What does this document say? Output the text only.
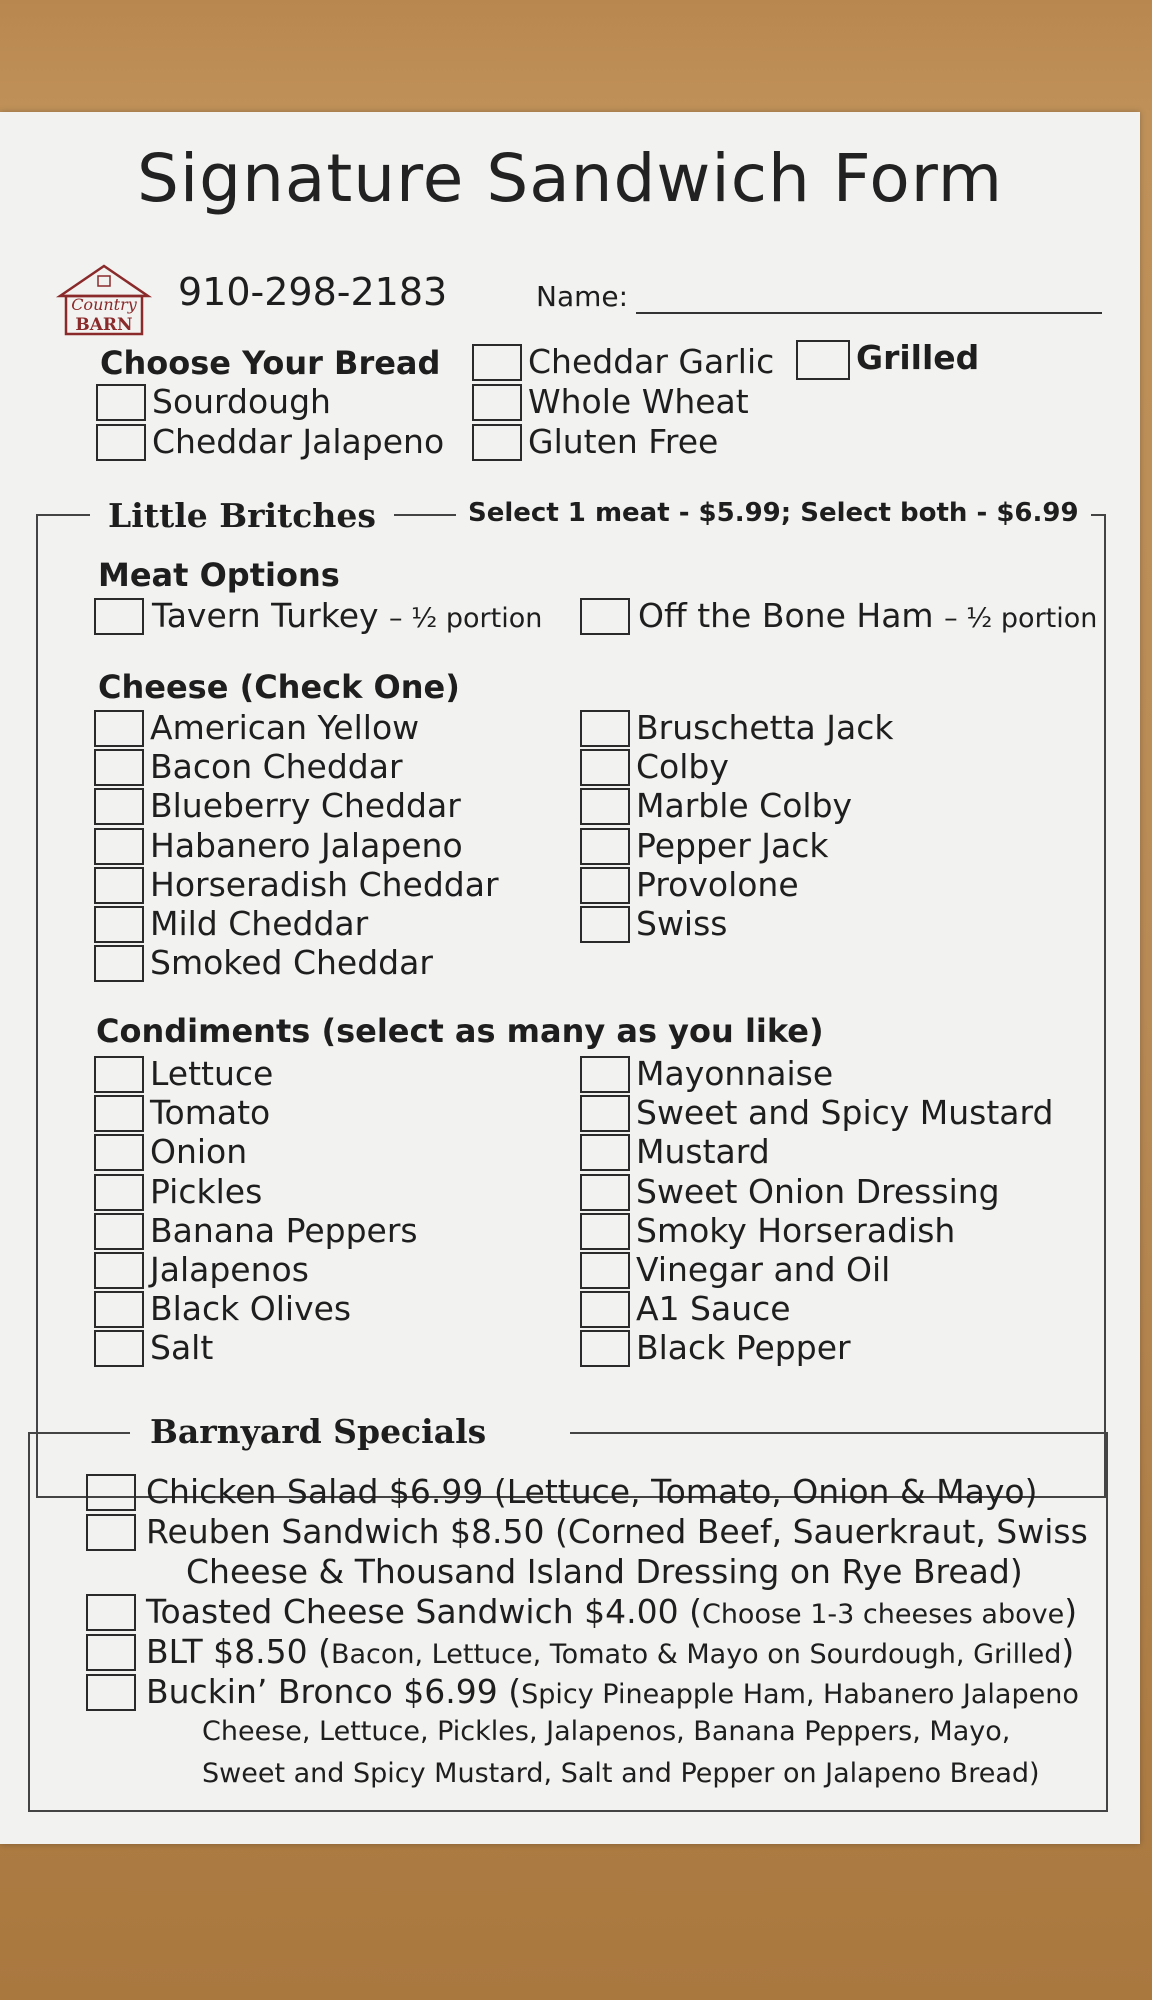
Signature Sandwich Form
Country
BARN
910-298-2183	Name:
Choose Your Bread
Sourdough
Cheddar Jalapeno
Cheddar Garlic
Whole Wheat
Gluten Free
Grilled
Little Britches	Select 1 meat - $5.99; Select both - $6.99
Meat Options
Tavern Turkey – ½ portion	Off the Bone Ham – ½ portion
Cheese (Check One)
American Yellow
Bacon Cheddar
Blueberry Cheddar
Habanero Jalapeno
Horseradish Cheddar
Mild Cheddar
Smoked Cheddar
Bruschetta Jack
Colby
Marble Colby
Pepper Jack
Provolone
Swiss
Condiments (select as many as you like)
Lettuce
Tomato
Onion
Pickles
Banana Peppers
Jalapenos
Black Olives
Salt
Mayonnaise
Sweet and Spicy Mustard
Mustard
Sweet Onion Dressing
Smoky Horseradish
Vinegar and Oil
A1 Sauce
Black Pepper
Barnyard Specials
Chicken Salad $6.99 (Lettuce, Tomato, Onion & Mayo)
Reuben Sandwich $8.50 (Corned Beef, Sauerkraut, Swiss
Cheese & Thousand Island Dressing on Rye Bread)
Toasted Cheese Sandwich $4.00 (Choose 1-3 cheeses above)
BLT $8.50 (Bacon, Lettuce, Tomato & Mayo on Sourdough, Grilled)
Buckin’ Bronco $6.99 (Spicy Pineapple Ham, Habanero Jalapeno
Cheese, Lettuce, Pickles, Jalapenos, Banana Peppers, Mayo,
Sweet and Spicy Mustard, Salt and Pepper on Jalapeno Bread)
